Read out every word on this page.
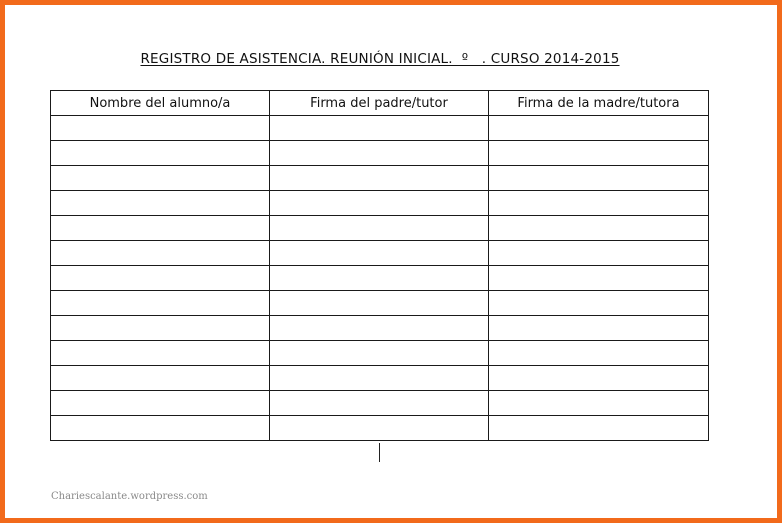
REGISTRO DE ASISTENCIA. REUNIÓN INICIAL.  º   . CURSO 2014-2015
Nombre del alumno/a	Firma del padre/tutor	Firma de la madre/tutora

Chariescalante.wordpress.com
